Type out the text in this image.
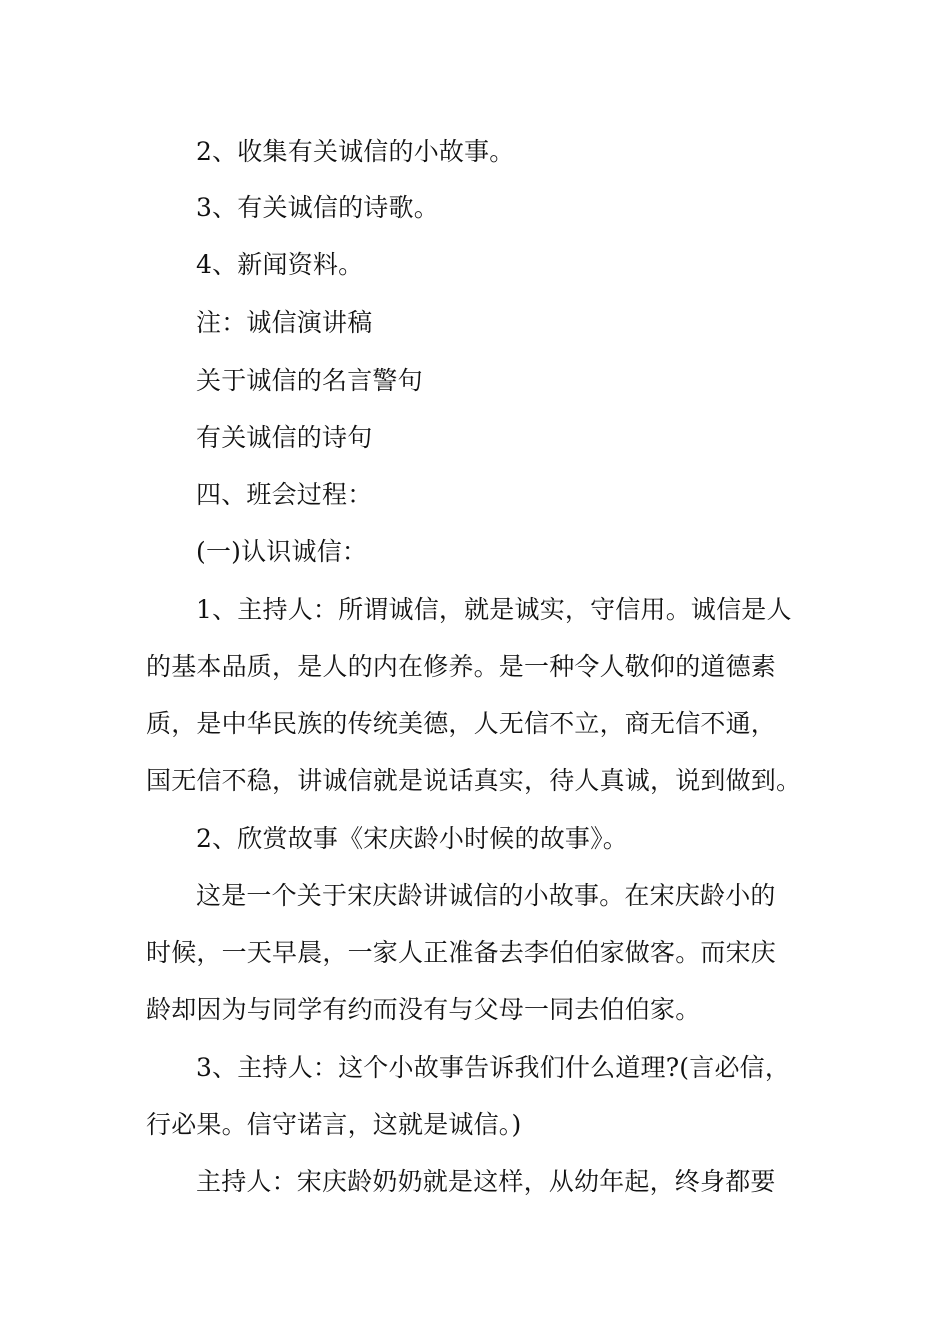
2、收集有关诚信的小故事。
3、有关诚信的诗歌。
4、新闻资料。
注：诚信演讲稿
关于诚信的名言警句
有关诚信的诗句
四、班会过程：
(一)认识诚信：
1、主持人：所谓诚信，就是诚实，守信用。诚信是人
的基本品质，是人的内在修养。是一种令人敬仰的道德素
质，是中华民族的传统美德，人无信不立，商无信不通，
国无信不稳，讲诚信就是说话真实，待人真诚，说到做到。
2、欣赏故事《宋庆龄小时候的故事》。
这是一个关于宋庆龄讲诚信的小故事。在宋庆龄小的
时候，一天早晨，一家人正准备去李伯伯家做客。而宋庆
龄却因为与同学有约而没有与父母一同去伯伯家。
3、主持人：这个小故事告诉我们什么道理?(言必信，
行必果。信守诺言，这就是诚信。)
主持人：宋庆龄奶奶就是这样，从幼年起，终身都要
